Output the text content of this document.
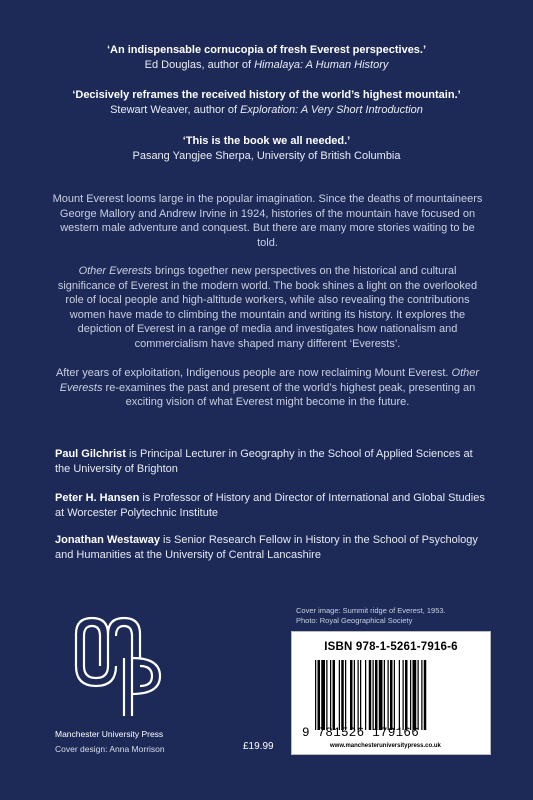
‘An indispensable cornucopia of fresh Everest perspectives.’
Ed Douglas, author of Himalaya: A Human History
‘Decisively reframes the received history of the world’s highest mountain.’
Stewart Weaver, author of Exploration: A Very Short Introduction
‘This is the book we all needed.’
Pasang Yangjee Sherpa, University of British Columbia
Mount Everest looms large in the popular imagination. Since the deaths of mountaineers George Mallory and Andrew Irvine in 1924, histories of the mountain have focused on western male adventure and conquest. But there are many more stories waiting to be told.
Other Everests brings together new perspectives on the historical and cultural significance of Everest in the modern world. The book shines a light on the overlooked role of local people and high-altitude workers, while also revealing the contributions women have made to climbing the mountain and writing its history. It explores the depiction of Everest in a range of media and investigates how nationalism and commercialism have shaped many different ‘Everests’.
After years of exploitation, Indigenous people are now reclaiming Mount Everest. Other Everests re-examines the past and present of the world’s highest peak, presenting an exciting vision of what Everest might become in the future.
Paul Gilchrist is Principal Lecturer in Geography in the School of Applied Sciences at the University of Brighton
Peter H. Hansen is Professor of History and Director of International and Global Studies at Worcester Polytechnic Institute
Jonathan Westaway is Senior Research Fellow in History in the School of Psychology and Humanities at the University of Central Lancashire
Manchester University Press
Cover design: Anna Morrison	£19.99
Cover image: Summit ridge of Everest, 1953.
Photo: Royal Geographical Society
ISBN 978-1-5261-7916-6
9 781526 179166
www.manchesteruniversitypress.co.uk
